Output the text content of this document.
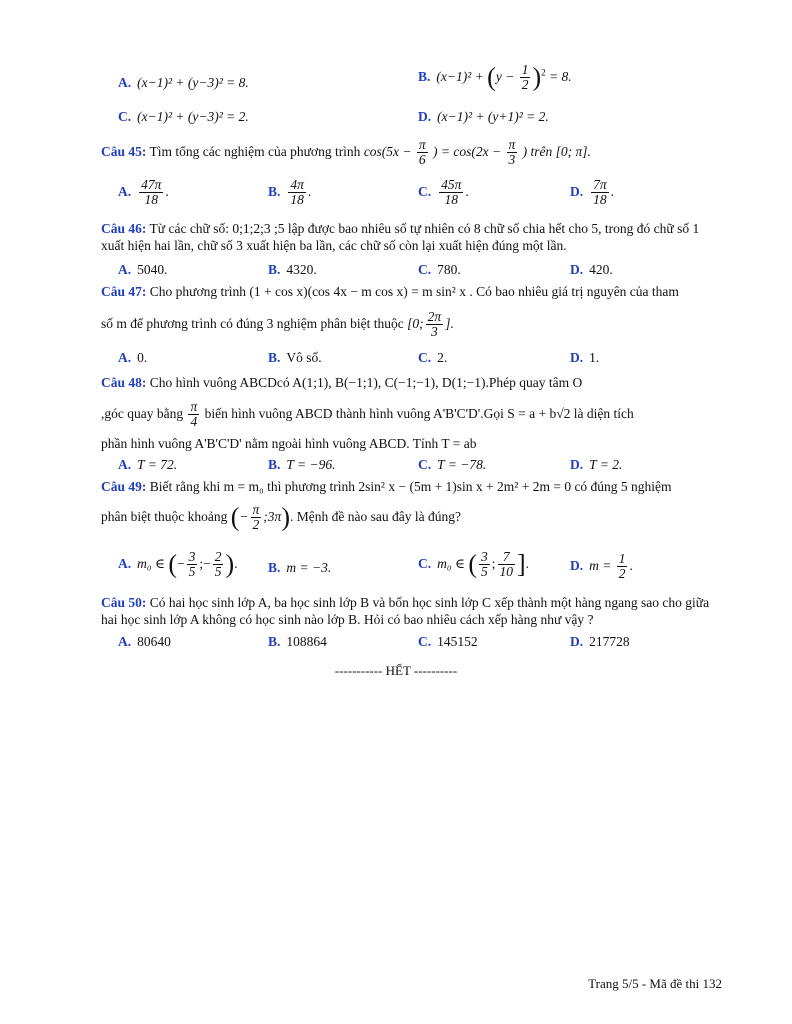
A. (x−1)² + (y−3)² = 8.	B. $(x-1)^2 + (y - \frac{1}{2} )^2 = 8$.
C. (x−1)² + (y−3)² = 2.	D. (x−1)² + (y+1)² = 2.
Câu 45: Tìm tổng các nghiệm của phương trình $\cos(5x - \frac{\pi}{6}$ ) = $\cos(2x - \frac{\pi}{3}$ ) trên [0; π].
A. $\frac{47\pi}{18}$ .	B. $\frac{4\pi}{18}$ .	C. $\frac{45\pi}{18}$ .	D. $\frac{7\pi}{18}$ .
Câu 46: Từ các chữ số: 0;1;2;3 ;5 lập được bao nhiêu số tự nhiên có 8 chữ số chia hết cho 5, trong đó chữ số 1 xuất hiện hai lần, chữ số 3 xuất hiện ba lần, các chữ số còn lại xuất hiện đúng một lần.
A. 5040.	B. 4320.	C. 780.	D. 420.
Câu 47: Cho phương trình (1 + cos x)(cos 4x − m cos x) = m sin² x . Có bao nhiêu giá trị nguyên của tham
số m để phương trình có đúng 3 nghiệm phân biệt thuộc [0; $\frac{2\pi}{3}$ ].
A. 0.	B. Vô số.	C. 2.	D. 1.
Câu 48: Cho hình vuông ABCDcó A(1;1), B(−1;1), C(−1;−1), D(1;−1).Phép quay tâm O
,góc quay bằng $\frac{\pi}{4}$ biến hình vuông ABCD thành hình vuông A'B'C'D'.Gọi S = a + b√2 là diện tích
phần hình vuông A'B'C'D' nằm ngoài hình vuông ABCD. Tính T = ab
A. T = 72.	B. T = −96.	C. T = −78.	D. T = 2.
Câu 49: Biết rằng khi m = m₀ thì phương trình 2sin² x − (5m + 1)sin x + 2m² + 2m = 0 có đúng 5 nghiệm
phân biệt thuộc khoảng (− $\frac{\pi}{2}$ ;3π). Mệnh đề nào sau đây là đúng?
A. m₀ ∈ (− $\frac{3}{5}$ ;− $\frac{2}{5}$ ). B. m = −3.	C. m₀ ∈ ( $\frac{3}{5}$ ; $\frac{7}{10}$ ].	D. $m = \frac{1}{2}$ .
Câu 50: Có hai học sinh lớp A, ba học sinh lớp B và bốn học sinh lớp C xếp thành một hàng ngang sao cho giữa hai học sinh lớp A không có học sinh nào lớp B. Hỏi có bao nhiêu cách xếp hàng như vậy ?
A. 80640	B. 108864	C. 145152	D. 217728
----------- HẾT ----------
Trang 5/5 - Mã đề thi 132
